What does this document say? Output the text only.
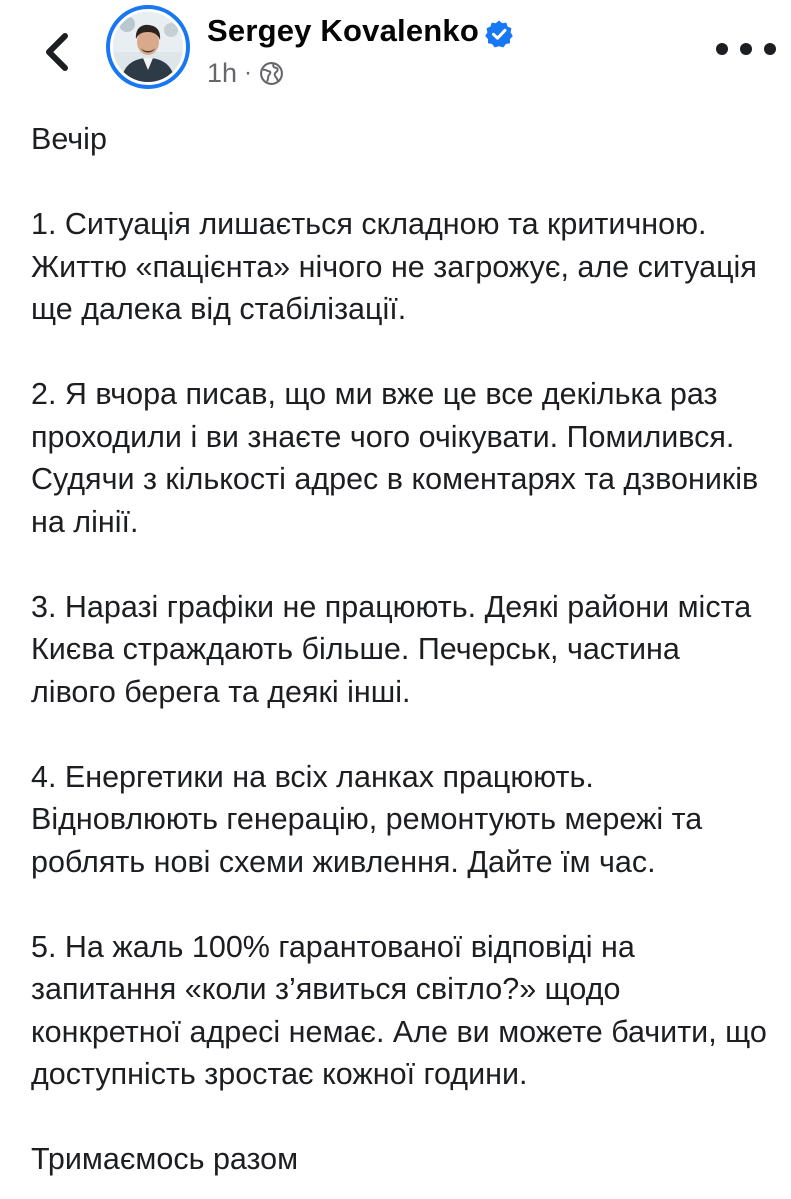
Sergey Kovalenko
1h ·

Вечір

1. Ситуація лишається складною та критичною. Життю «пацієнта» нічого не загрожує, але ситуація ще далека від стабілізації.

2. Я вчора писав, що ми вже це все декілька раз проходили і ви знаєте чого очікувати. Помилився. Судячи з кількості адрес в коментарях та дзвоників на лінії.

3. Наразі графіки не працюють. Деякі райони міста Києва страждають більше. Печерськ, частина лівого берега та деякі інші.

4. Енергетики на всіх ланках працюють. Відновлюють генерацію, ремонтують мережі та роблять нові схеми живлення. Дайте їм час.

5. На жаль 100% гарантованої відповіді на запитання «коли з’явиться світло?» щодо конкретної адресі немає. Але ви можете бачити, що доступність зростає кожної години.

Тримаємось разом
